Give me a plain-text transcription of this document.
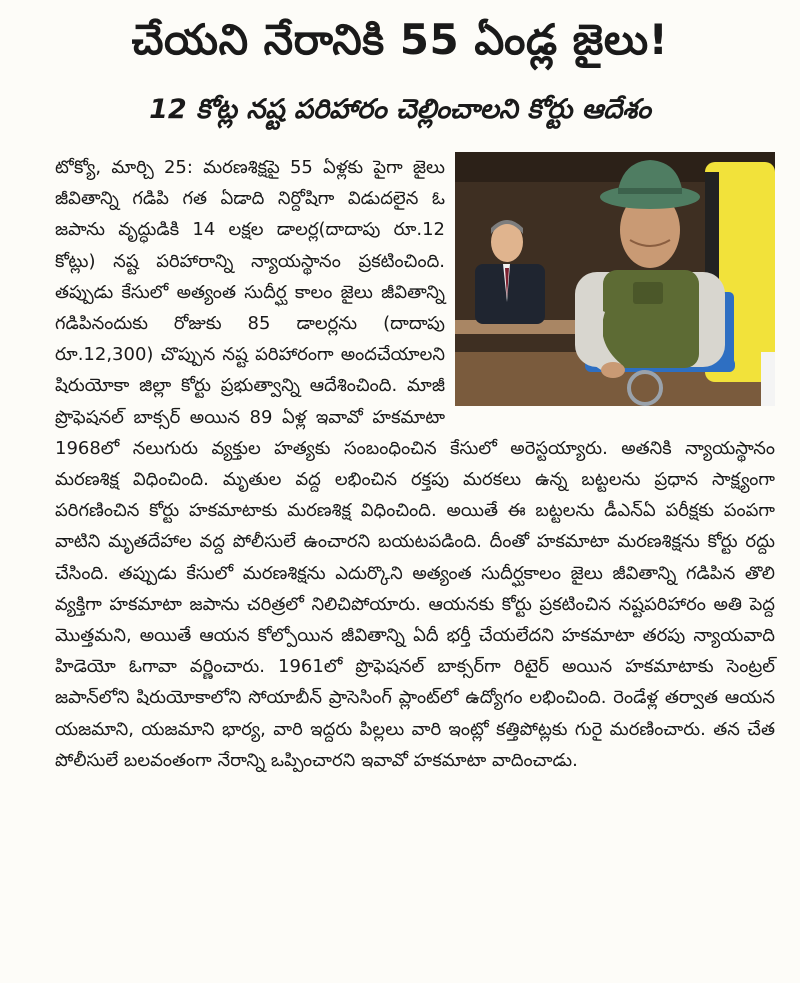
చేయని నేరానికి 55 ఏండ్ల జైలు!
12 కోట్ల నష్ట పరిహారం చెల్లించాలని కోర్టు ఆదేశం

టోక్యో, మార్చి 25: మరణశిక్షపై 55 ఏళ్లకు పైగా జైలు జీవితాన్ని గడిపి గత ఏడాది నిర్దోషిగా విడుదలైన ఓ జపాను వృద్ధుడికి 14 లక్షల డాలర్ల(దాదాపు రూ.12 కోట్లు) నష్ట పరిహారాన్ని న్యాయస్థానం ప్రకటించింది. తప్పుడు కేసులో అత్యంత సుదీర్ఘ కాలం జైలు జీవితాన్ని గడిపినందుకు రోజుకు 85 డాలర్లను (దాదాపు రూ.12,300) చొప్పున నష్ట పరిహారంగా అందచేయాలని షిరుయోకా జిల్లా కోర్టు ప్రభుత్వాన్ని ఆదేశించింది. మాజీ ప్రొఫెషనల్ బాక్సర్ అయిన 89 ఏళ్ల ఇవావో హకమాటా 1968లో నలుగురు వ్యక్తుల హత్యకు సంబంధించిన కేసులో అరెస్టయ్యారు. అతనికి న్యాయస్థానం మరణశిక్ష విధించింది. మృతుల వద్ద లభించిన రక్తపు మరకలు ఉన్న బట్టలను ప్రధాన సాక్ష్యంగా పరిగణించిన కోర్టు హకమాటాకు మరణశిక్ష విధించింది. అయితే ఈ బట్టలను డీఎన్ఏ పరీక్షకు పంపగా వాటిని మృతదేహాల వద్ద పోలీసులే ఉంచారని బయటపడింది. దీంతో హకమాటా మరణశిక్షను కోర్టు రద్దు చేసింది. తప్పుడు కేసులో మరణశిక్షను ఎదుర్కొని అత్యంత సుదీర్ఘకాలం జైలు జీవితాన్ని గడిపిన తొలి వ్యక్తిగా హకమాటా జపాను చరిత్రలో నిలిచిపోయారు. ఆయనకు కోర్టు ప్రకటించిన నష్టపరిహారం అతి పెద్ద మొత్తమని, అయితే ఆయన కోల్పోయిన జీవితాన్ని ఏదీ భర్తీ చేయలేదని హకమాటా తరపు న్యాయవాది హిడెయో ఓగావా వర్ణించారు. 1961లో ప్రొఫెషనల్ బాక్సర్‌గా రిటైర్ అయిన హకమాటాకు సెంట్రల్ జపాన్‌లోని షిరుయోకాలోని సోయాబీన్ ప్రాసెసింగ్ ప్లాంట్‌లో ఉద్యోగం లభించింది. రెండేళ్ల తర్వాత ఆయన యజమాని, యజమాని భార్య, వారి ఇద్దరు పిల్లలు వారి ఇంట్లో కత్తిపోట్లకు గురై మరణించారు. తన చేత పోలీసులే బలవంతంగా నేరాన్ని ఒప్పించారని ఇవావో హకమాటా వాదించాడు.
